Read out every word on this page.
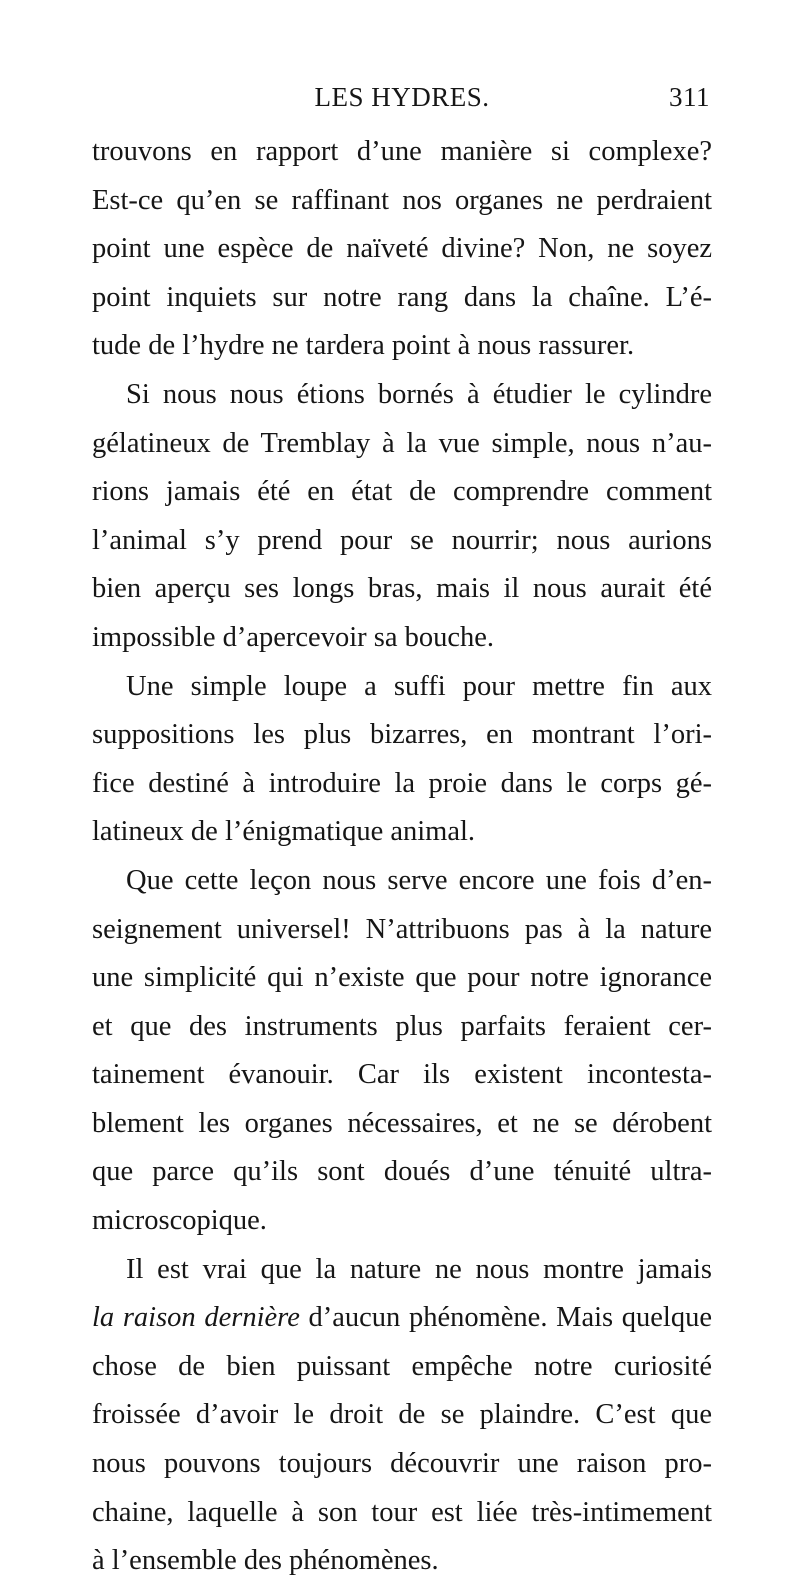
LES HYDRES.	311
trouvons en rapport d’une manière si complexe?
Est-ce qu’en se raffinant nos organes ne perdraient
point une espèce de naïveté divine? Non, ne soyez
point inquiets sur notre rang dans la chaîne. L’é-
tude de l’hydre ne tardera point à nous rassurer.
Si nous nous étions bornés à étudier le cylindre
gélatineux de Tremblay à la vue simple, nous n’au-
rions jamais été en état de comprendre comment
l’animal s’y prend pour se nourrir; nous aurions
bien aperçu ses longs bras, mais il nous aurait été
impossible d’apercevoir sa bouche.
Une simple loupe a suffi pour mettre fin aux
suppositions les plus bizarres, en montrant l’ori-
fice destiné à introduire la proie dans le corps gé-
latineux de l’énigmatique animal.
Que cette leçon nous serve encore une fois d’en-
seignement universel! N’attribuons pas à la nature
une simplicité qui n’existe que pour notre ignorance
et que des instruments plus parfaits feraient cer-
tainement évanouir. Car ils existent incontesta-
blement les organes nécessaires, et ne se dérobent
que parce qu’ils sont doués d’une ténuité ultra-
microscopique.
Il est vrai que la nature ne nous montre jamais
la raison dernière d’aucun phénomène. Mais quelque
chose de bien puissant empêche notre curiosité
froissée d’avoir le droit de se plaindre. C’est que
nous pouvons toujours découvrir une raison pro-
chaine, laquelle à son tour est liée très-intimement
à l’ensemble des phénomènes.
